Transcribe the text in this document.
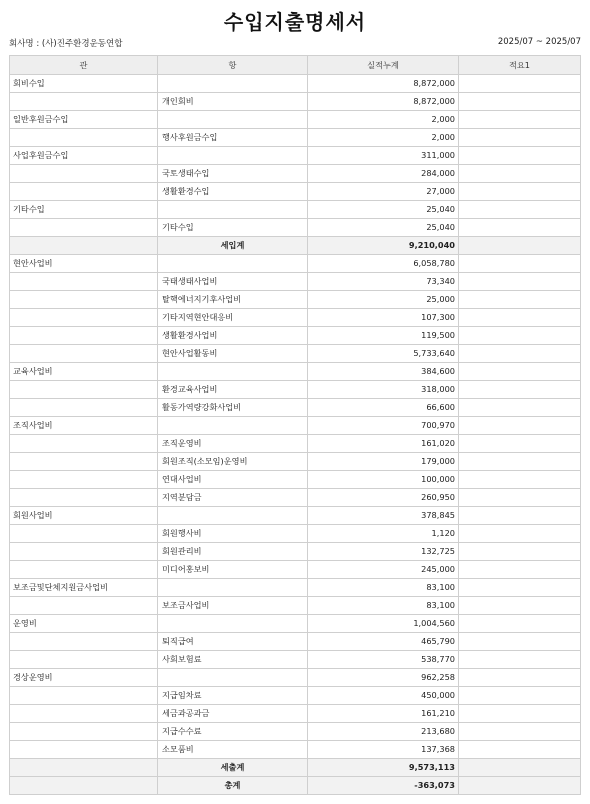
수입지출명세서
회사명 : (사)진주환경운동연합	2025/07 ~ 2025/07
관	항	실적누계	적요1
회비수입		8,872,000	
	개인회비	8,872,000	
일반후원금수입		2,000	
	행사후원금수입	2,000	
사업후원금수입		311,000	
	국토생태수입	284,000	
	생활환경수입	27,000	
기타수입		25,040	
	기타수입	25,040	
	세입계	9,210,040	
현안사업비		6,058,780	
	국태생태사업비	73,340	
	탈핵에너지기후사업비	25,000	
	기타지역현안대응비	107,300	
	생활환경사업비	119,500	
	현안사업활동비	5,733,640	
교육사업비		384,600	
	환경교육사업비	318,000	
	활동가역량강화사업비	66,600	
조직사업비		700,970	
	조직운영비	161,020	
	회원조직(소모임)운영비	179,000	
	연대사업비	100,000	
	지역분담금	260,950	
회원사업비		378,845	
	회원행사비	1,120	
	회원관리비	132,725	
	미디어홍보비	245,000	
보조금및단체지원금사업비		83,100	
	보조금사업비	83,100	
운영비		1,004,560	
	퇴직급여	465,790	
	사회보험료	538,770	
경상운영비		962,258	
	지급임차료	450,000	
	세금과공과금	161,210	
	지급수수료	213,680	
	소모품비	137,368	
	세출계	9,573,113	
	총계	-363,073	
